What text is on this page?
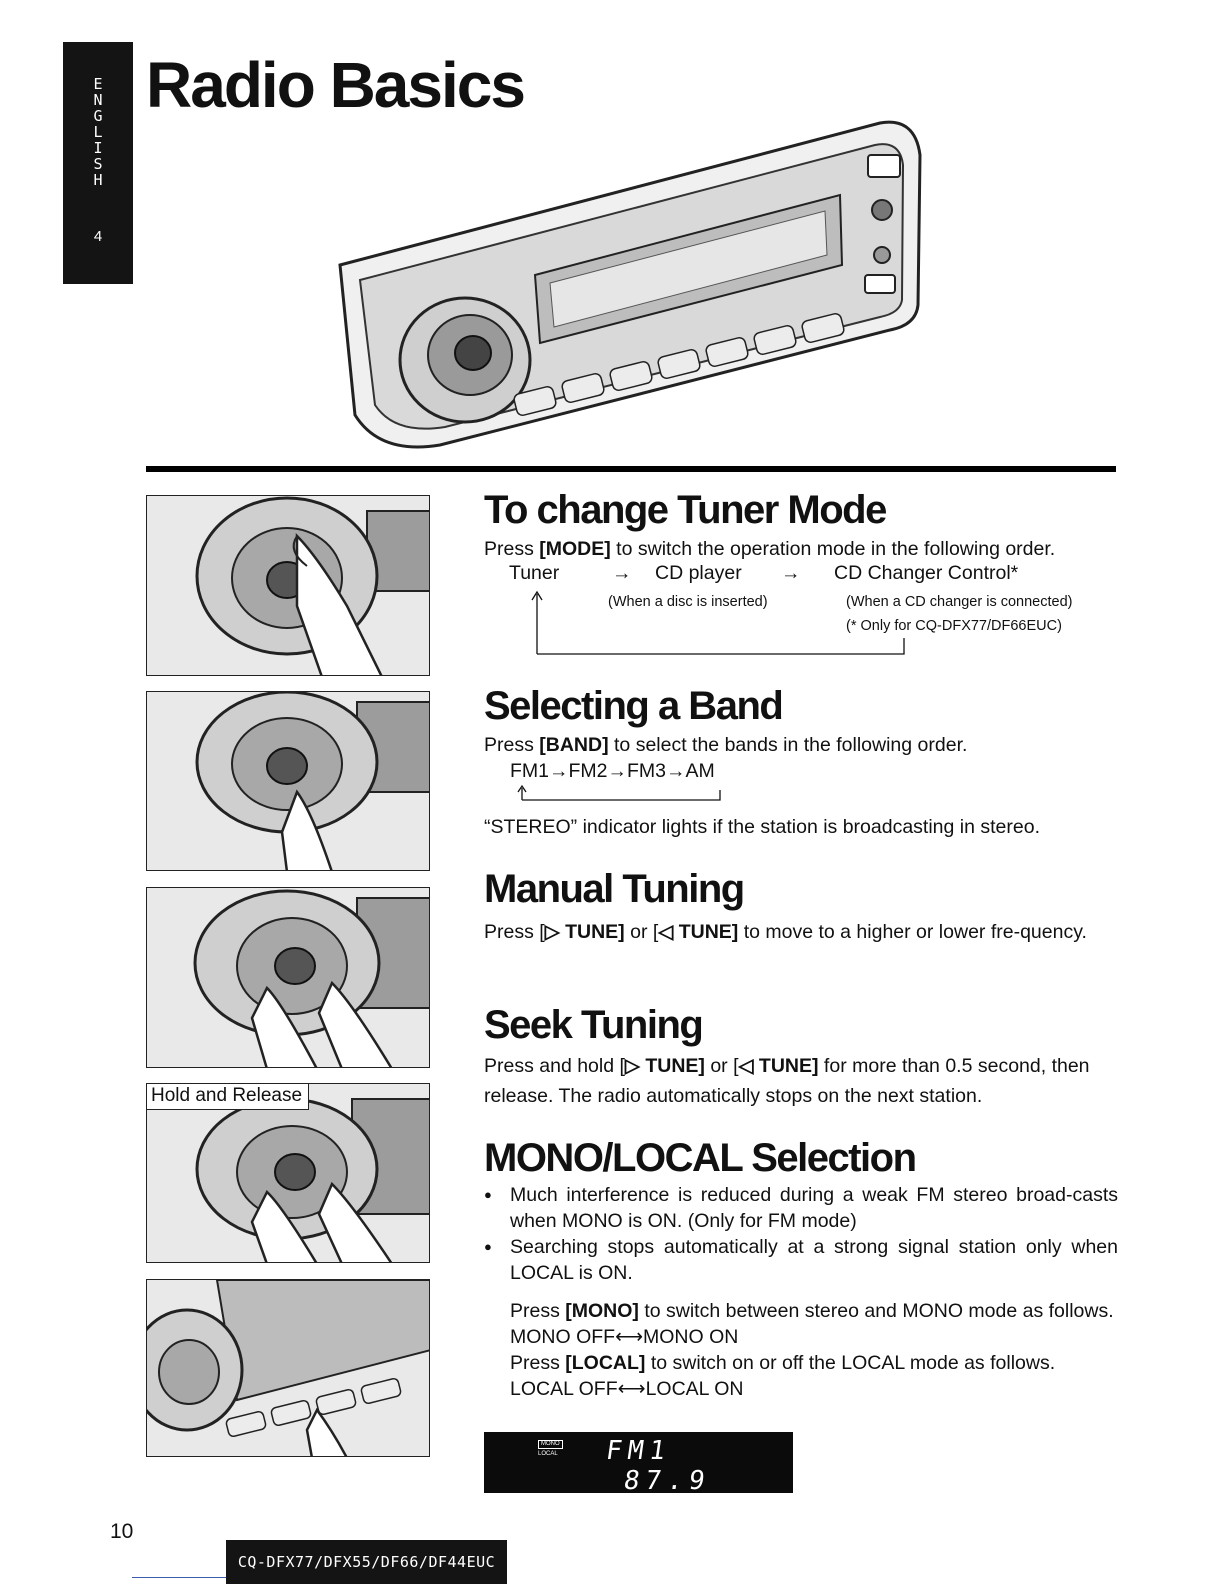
E
N
G
L
I
S
H
4
Radio Basics
Hold and Release
To change Tuner Mode

Press [MODE] to switch the operation mode in the following order.

Tuner	→ CD player → CD Changer Control*
(When a disc is inserted)	(When a CD changer is connected)
(* Only for CQ-DFX77/DF66EUC)
Selecting a Band

Press [BAND] to select the bands in the following order.

FM1→FM2→FM3→AM

“STEREO” indicator lights if the station is broadcasting in stereo.

Manual Tuning

Press [▷ TUNE] or [◁ TUNE] to move to a higher or lower fre-quency.

Seek Tuning

Press and hold [▷ TUNE] or [◁ TUNE] for more than 0.5 second, then release. The radio automatically stops on the next station.

MONO/LOCAL Selection
● Much interference is reduced during a weak FM stereo broad-casts when MONO is ON. (Only for FM mode)
● Searching stops automatically at a strong signal station only when LOCAL is ON.

Press [MONO] to switch between stereo and MONO mode as follows.

MONO OFF⟷MONO ON

Press [LOCAL] to switch on or off the LOCAL mode as follows.

LOCAL OFF⟷LOCAL ON
MONO
LOCAL FM1 87.9
10
CQ-DFX77/DFX55/DF66/DF44EUC
